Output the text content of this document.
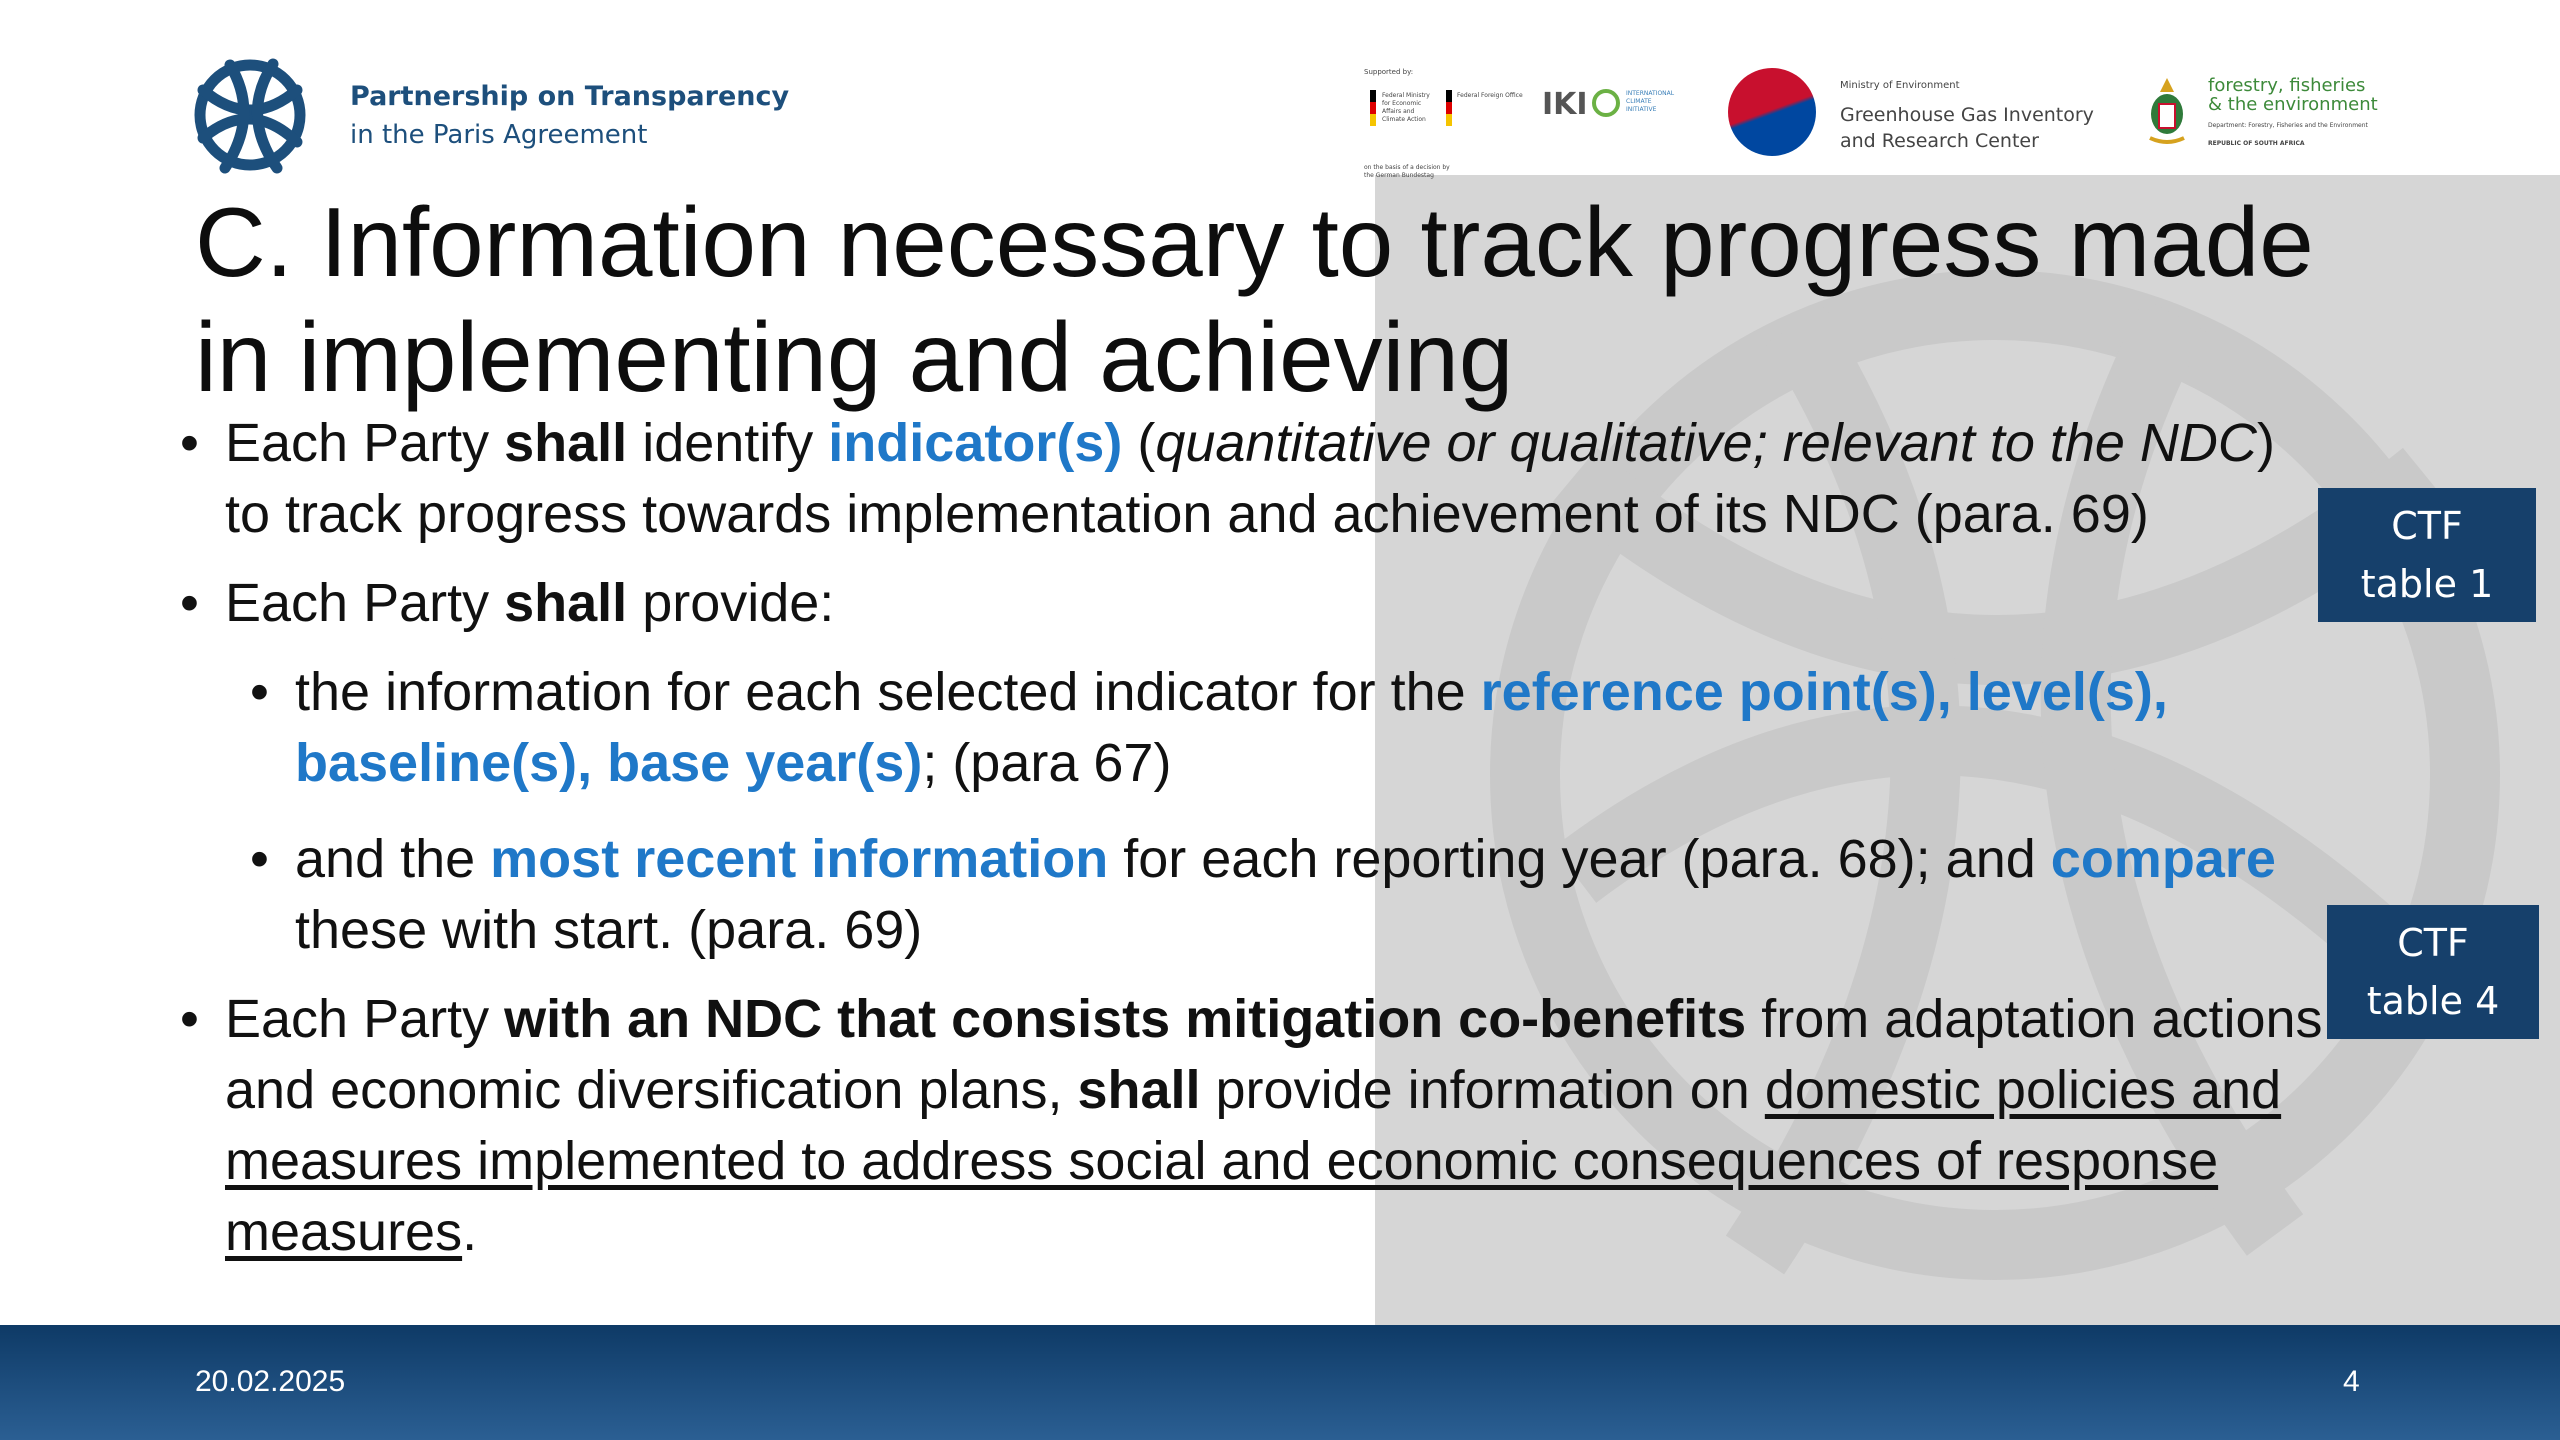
Partnership on Transparency
in the Paris Agreement
Supported by:
Federal Ministry for Economic Affairs and Climate Action
Federal Foreign Office
on the basis of a decision by the German Bundestag
IKI	INTERNATIONAL CLIMATE INITIATIVE
Ministry of Environment
Greenhouse Gas Inventory
and Research Center
forestry, fisheries
& the environment
Department: Forestry, Fisheries and the Environment
REPUBLIC OF SOUTH AFRICA
C. Information necessary to track progress made in implementing and achieving
• Each Party shall identify indicator(s) (quantitative or qualitative; relevant to the NDC)
to track progress towards implementation and achievement of its NDC (para. 69)
• Each Party shall provide:
• the information for each selected indicator for the reference point(s), level(s), baseline(s), base year(s); (para 67)
• and the most recent information for each reporting year (para. 68); and compare these with start. (para. 69)
• Each Party with an NDC that consists mitigation co-benefits from adaptation actions and economic diversification plans, shall provide information on domestic policies and measures implemented to address social and economic consequences of response measures.
CTF
table 1
CTF
table 4
20.02.2025	4
